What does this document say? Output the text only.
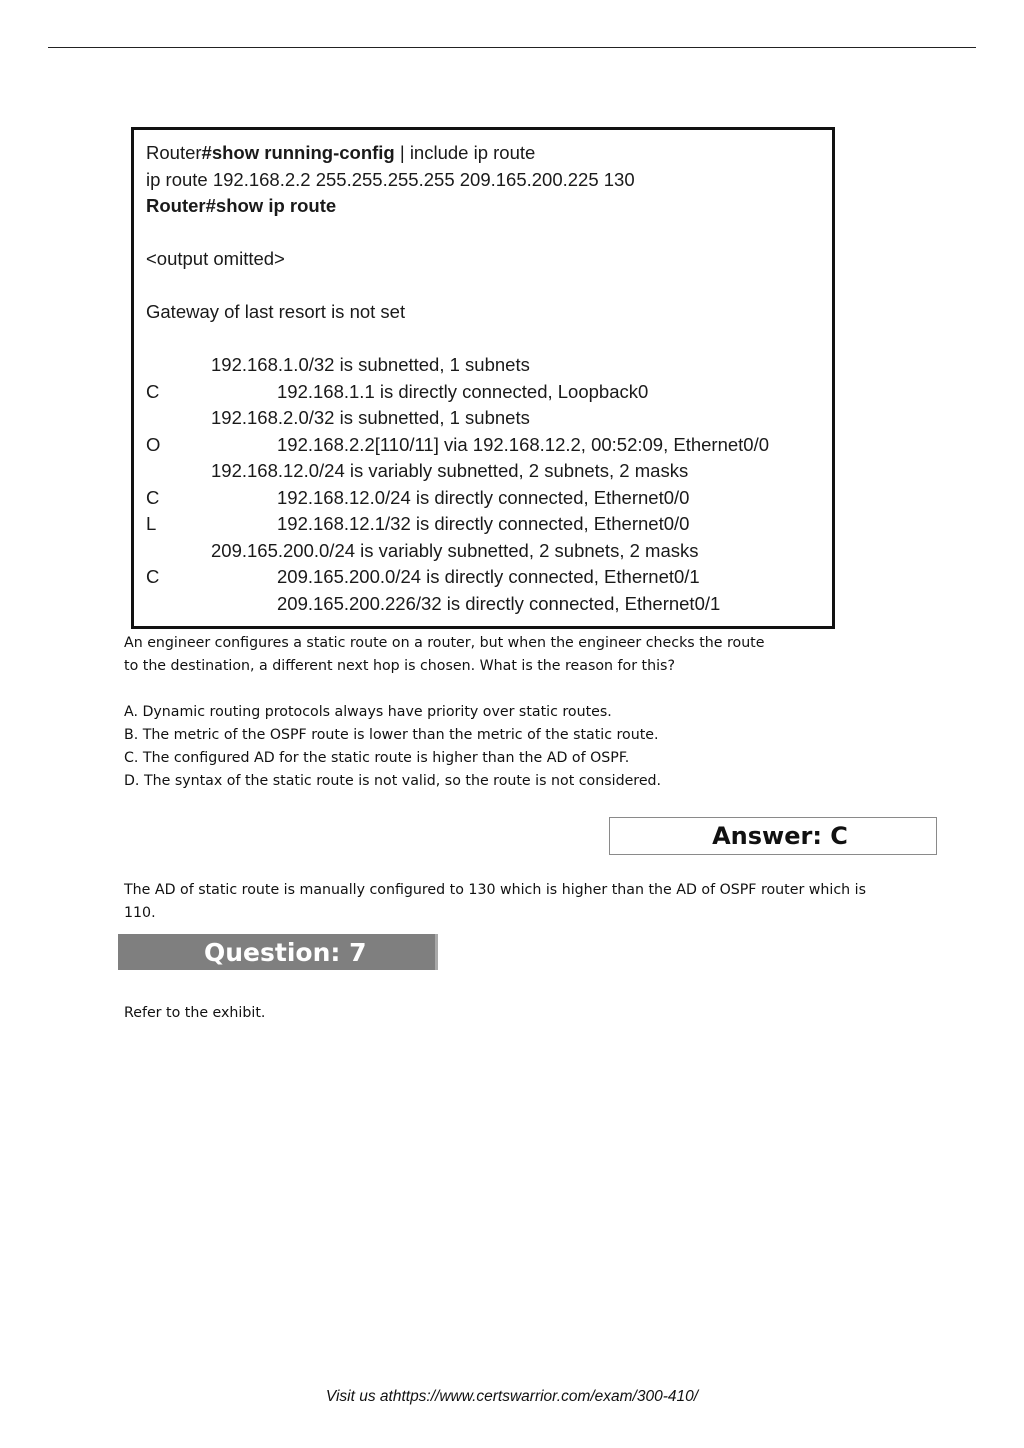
Router#show running-config | include ip route
ip route 192.168.2.2 255.255.255.255 209.165.200.225 130
Router#show ip route
<output omitted>
Gateway of last resort is not set
192.168.1.0/32 is subnetted, 1 subnets
C	192.168.1.1 is directly connected, Loopback0
192.168.2.0/32 is subnetted, 1 subnets
O	192.168.2.2[110/11] via 192.168.12.2, 00:52:09, Ethernet0/0
192.168.12.0/24 is variably subnetted, 2 subnets, 2 masks
C	192.168.12.0/24 is directly connected, Ethernet0/0
L	192.168.12.1/32 is directly connected, Ethernet0/0
209.165.200.0/24 is variably subnetted, 2 subnets, 2 masks
C	209.165.200.0/24 is directly connected, Ethernet0/1
209.165.200.226/32 is directly connected, Ethernet0/1
An engineer configures a static route on a router, but when the engineer checks the route
to the destination, a different next hop is chosen. What is the reason for this?
A. Dynamic routing protocols always have priority over static routes.
B. The metric of the OSPF route is lower than the metric of the static route.
C. The configured AD for the static route is higher than the AD of OSPF.
D. The syntax of the static route is not valid, so the route is not considered.
Answer: C
The AD of static route is manually configured to 130 which is higher than the AD of OSPF router which is
110.
Question: 7
Refer to the exhibit.
Visit us athttps://www.certswarrior.com/exam/300-410/
